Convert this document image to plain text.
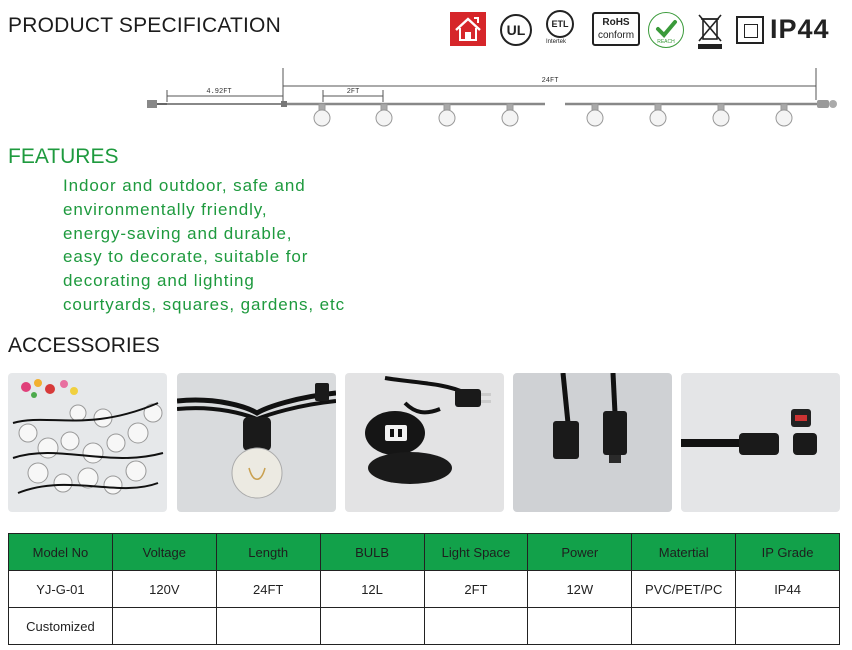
PRODUCT SPECIFICATION	UL	ETL
Intertek
RoHS
conform
REACH	IP44
24FT
4.92FT	2FT
FEATURES
Indoor and outdoor, safe and
environmentally friendly,
energy-saving and durable,
easy to decorate, suitable for
decorating and lighting
courtyards, squares, gardens, etc
ACCESSORIES
Model No	Voltage	Length	BULB	Light Space	Power	Matertial	IP Grade
YJ-G-01	120V	24FT	12L	2FT	12W	PVC/PET/PC	IP44
Customized							
